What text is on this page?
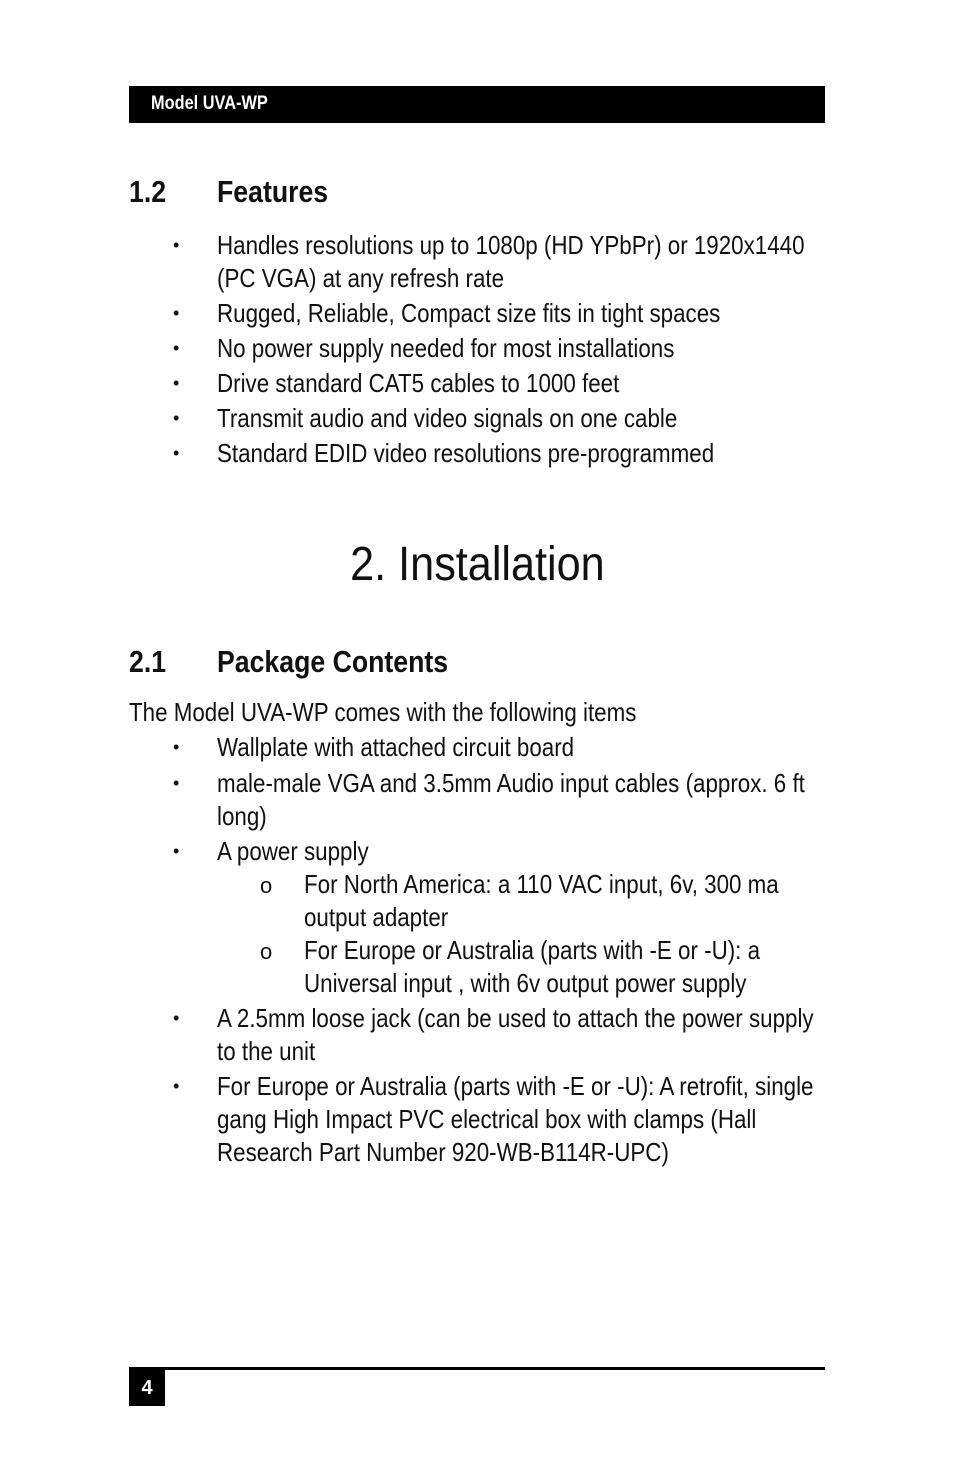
Model UVA-WP
1.2 Features
• Handles resolutions up to 1080p (HD YPbPr) or 1920x1440
(PC VGA) at any refresh rate
• Rugged, Reliable, Compact size fits in tight spaces
• No power supply needed for most installations
• Drive standard CAT5 cables to 1000 feet
• Transmit audio and video signals on one cable
• Standard EDID video resolutions pre-programmed
2. Installation
2.1 Package Contents
The Model UVA-WP comes with the following items
• Wallplate with attached circuit board
• male-male VGA and 3.5mm Audio input cables (approx. 6 ft
long)
• A power supply
o For North America: a 110 VAC input, 6v, 300 ma
output adapter
o For Europe or Australia (parts with -E or -U): a
Universal input , with 6v output power supply
• A 2.5mm loose jack (can be used to attach the power supply
to the unit
• For Europe or Australia (parts with -E or -U): A retrofit, single
gang High Impact PVC electrical box with clamps (Hall
Research Part Number 920-WB-B114R-UPC)
4
